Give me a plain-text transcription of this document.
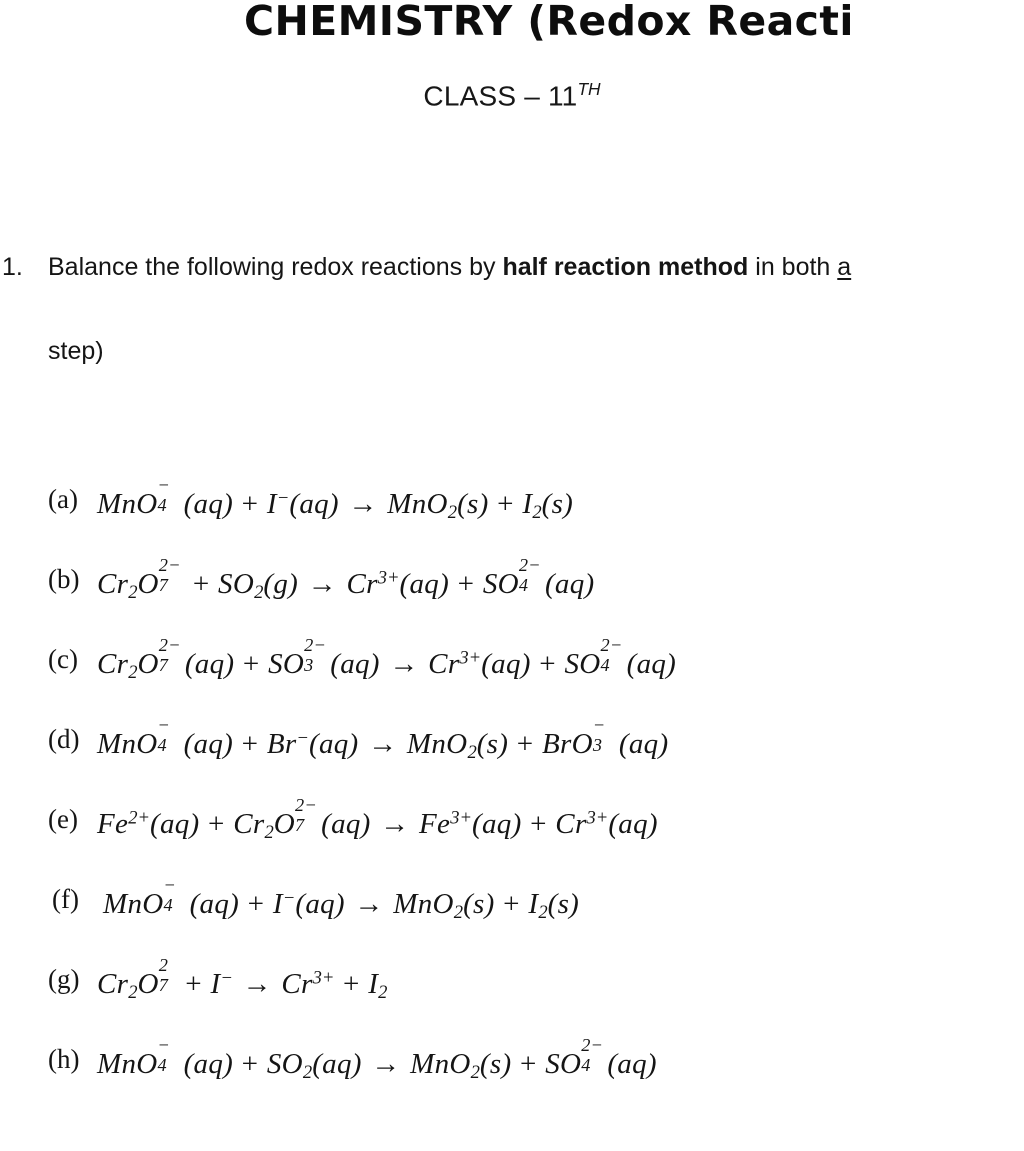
CHEMISTRY (Redox Reacti
CLASS – 11TH
1. Balance the following redox reactions by half reaction method in both a
step)
(a) MnO
−
4
  $(aq) + I^-(aq) \to MnO_2(s) + I_2(s)$
(b) $Cr_2O$
2−
$7 + SO_2(g) \to Cr^{3+}(aq)$ + SO
2−
4
  (aq)
(c) $Cr_2O$
2−
7
  (aq) + SO
2−
3
  $(aq) \to Cr^{3+}(aq)$ + SO
2−
4
  (aq)
(d) MnO
−
4
  (aq) + Br−(aq) → MnO$_2$(s) + BrO
−
3
  (aq)
(e) $Fe^{2+}(aq) + Cr_2O$
2−
7
  $(aq) \to Fe^{3+}(aq) + Cr^{3+}(aq)$
(f) MnO
−
4
  $(aq) + I^-(aq) \to MnO_2(s) + I_2(s)$
(g) $Cr_2O$
2
$7 + I^- \to Cr^{3+} + I_2$
(h) MnO
−
4
  $(aq) + SO_2(aq) \to MnO_2(s)$ + SO
2−
4
  (aq)
